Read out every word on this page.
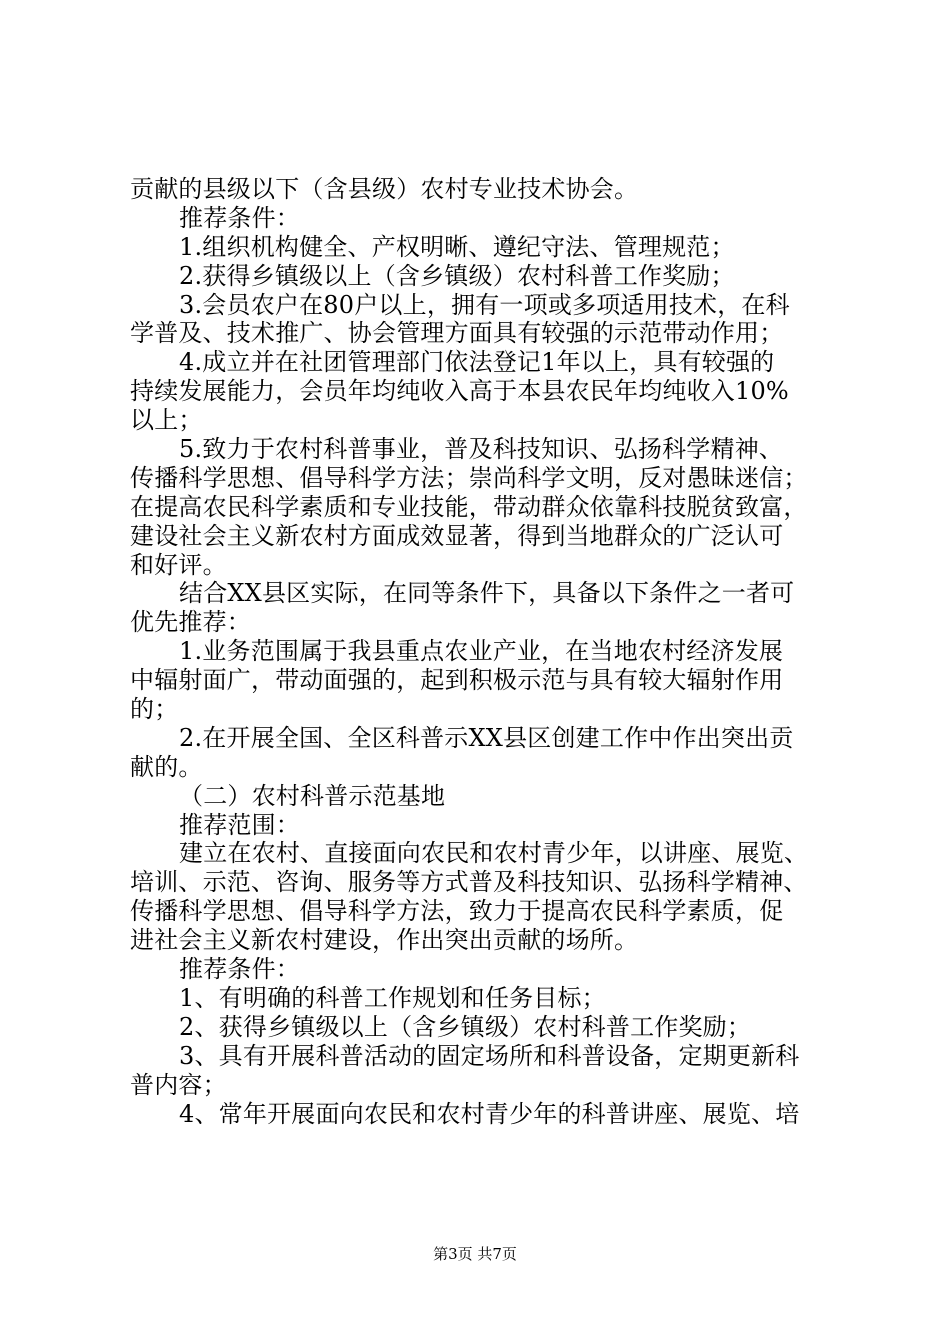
贡献的县级以下（含县级）农村专业技术协会。
推荐条件：
1.组织机构健全、产权明晰、遵纪守法、管理规范；
2.获得乡镇级以上（含乡镇级）农村科普工作奖励；
3.会员农户在80户以上，拥有一项或多项适用技术，在科
学普及、技术推广、协会管理方面具有较强的示范带动作用；
4.成立并在社团管理部门依法登记1年以上，具有较强的
持续发展能力，会员年均纯收入高于本县农民年均纯收入10%
以上；
5.致力于农村科普事业，普及科技知识、弘扬科学精神、
传播科学思想、倡导科学方法；崇尚科学文明，反对愚昧迷信；
在提高农民科学素质和专业技能，带动群众依靠科技脱贫致富，
建设社会主义新农村方面成效显著，得到当地群众的广泛认可
和好评。
结合XX县区实际，在同等条件下，具备以下条件之一者可
优先推荐：
1.业务范围属于我县重点农业产业，在当地农村经济发展
中辐射面广，带动面强的，起到积极示范与具有较大辐射作用
的；
2.在开展全国、全区科普示XX县区创建工作中作出突出贡
献的。
（二）农村科普示范基地
推荐范围：
建立在农村、直接面向农民和农村青少年，以讲座、展览、
培训、示范、咨询、服务等方式普及科技知识、弘扬科学精神、
传播科学思想、倡导科学方法，致力于提高农民科学素质，促
进社会主义新农村建设，作出突出贡献的场所。
推荐条件：
1、有明确的科普工作规划和任务目标；
2、获得乡镇级以上（含乡镇级）农村科普工作奖励；
3、具有开展科普活动的固定场所和科普设备，定期更新科
普内容；
4、常年开展面向农民和农村青少年的科普讲座、展览、培
第3页 共7页
